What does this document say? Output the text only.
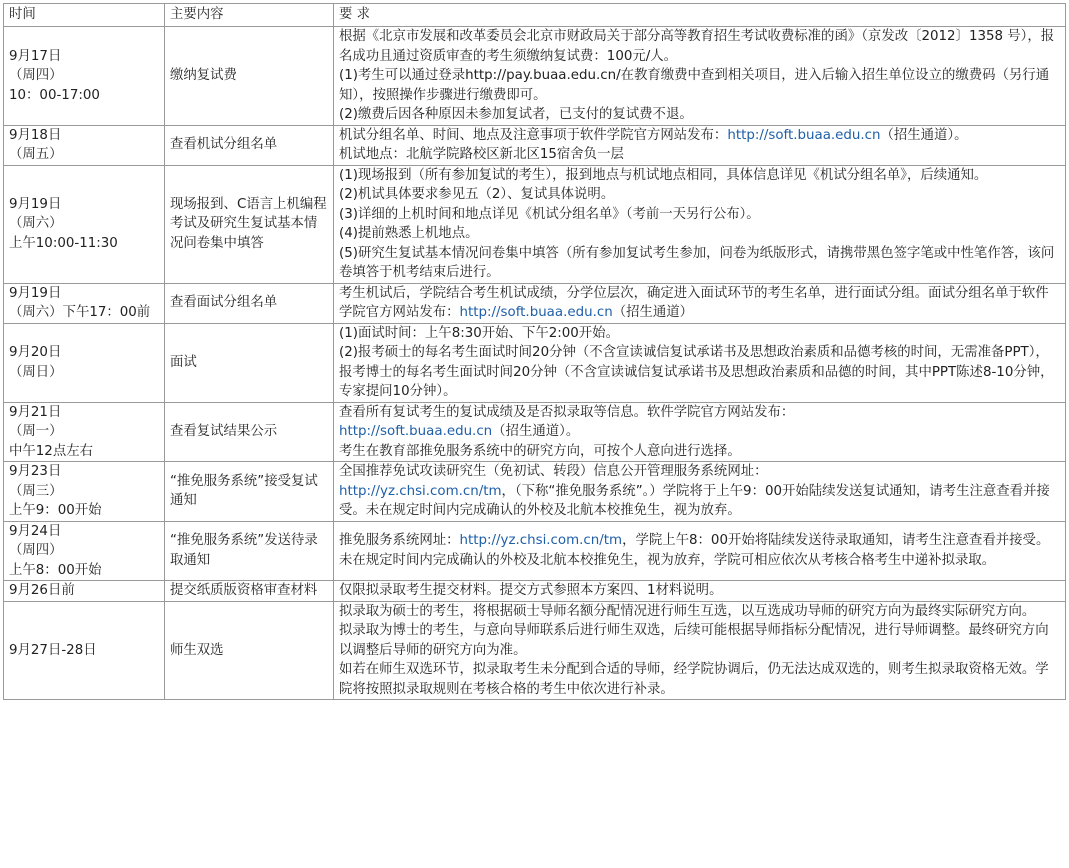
时间	主要内容	要 求

9月17日
（周四）
10：00-17:00	缴纳复试费	根据《北京市发展和改革委员会北京市财政局关于部分高等教育招生考试收费标准的函》（京发改〔2012〕1358 号），报名成功且通过资质审查的考生须缴纳复试费：100元/人。
(1)考生可以通过登录http://pay.buaa.edu.cn/在教育缴费中查到相关项目，进入后输入招生单位设立的缴费码（另行通知），按照操作步骤进行缴费即可。
(2)缴费后因各种原因未参加复试者，已支付的复试费不退。

9月18日
（周五）	查看机试分组名单	机试分组名单、时间、地点及注意事项于软件学院官方网站发布：http://soft.buaa.edu.cn（招生通道）。
机试地点：北航学院路校区新北区15宿舍负一层

9月19日
（周六）
上午10:00-11:30	现场报到、C语言上机编程考试及研究生复试基本情况问卷集中填答	(1)现场报到（所有参加复试的考生），报到地点与机试地点相同，具体信息详见《机试分组名单》，后续通知。
(2)机试具体要求参见五（2）、复试具体说明。
(3)详细的上机时间和地点详见《机试分组名单》（考前一天另行公布）。
(4)提前熟悉上机地点。
(5)研究生复试基本情况问卷集中填答（所有参加复试考生参加，问卷为纸版形式，请携带黑色签字笔或中性笔作答，该问卷填答于机考结束后进行。

9月19日
（周六）下午17：00前	查看面试分组名单	考生机试后，学院结合考生机试成绩，分学位层次，确定进入面试环节的考生名单，进行面试分组。面试分组名单于软件学院官方网站发布：http://soft.buaa.edu.cn（招生通道）

9月20日
（周日）	面试	(1)面试时间：上午8:30开始、下午2:00开始。
(2)报考硕士的每名考生面试时间20分钟（不含宣读诚信复试承诺书及思想政治素质和品德考核的时间，无需准备PPT），报考博士的每名考生面试时间20分钟（不含宣读诚信复试承诺书及思想政治素质和品德的时间，其中PPT陈述8-10分钟，专家提问10分钟）。

9月21日
（周一）
中午12点左右	查看复试结果公示	查看所有复试考生的复试成绩及是否拟录取等信息。软件学院官方网站发布：
http://soft.buaa.edu.cn（招生通道）。
考生在教育部推免服务系统中的研究方向，可按个人意向进行选择。

9月23日
（周三）
上午9：00开始	“推免服务系统”接受复试通知	全国推荐免试攻读研究生（免初试、转段）信息公开管理服务系统网址：
http://yz.chsi.com.cn/tm，（下称“推免服务系统”。）学院将于上午9：00开始陆续发送复试通知，请考生注意查看并接受。未在规定时间内完成确认的外校及北航本校推免生，视为放弃。

9月24日
（周四）
上午8：00开始	“推免服务系统”发送待录取通知	推免服务系统网址：http://yz.chsi.com.cn/tm，学院上午8：00开始将陆续发送待录取通知，请考生注意查看并接受。未在规定时间内完成确认的外校及北航本校推免生，视为放弃，学院可相应依次从考核合格考生中递补拟录取。

9月26日前	提交纸质版资格审查材料	仅限拟录取考生提交材料。提交方式参照本方案四、1材料说明。

9月27日-28日	师生双选	拟录取为硕士的考生，将根据硕士导师名额分配情况进行师生互选，以互选成功导师的研究方向为最终实际研究方向。
拟录取为博士的考生，与意向导师联系后进行师生双选，后续可能根据导师指标分配情况，进行导师调整。最终研究方向以调整后导师的研究方向为准。
如若在师生双选环节，拟录取考生未分配到合适的导师，经学院协调后，仍无法达成双选的，则考生拟录取资格无效。学院将按照拟录取规则在考核合格的考生中依次进行补录。
